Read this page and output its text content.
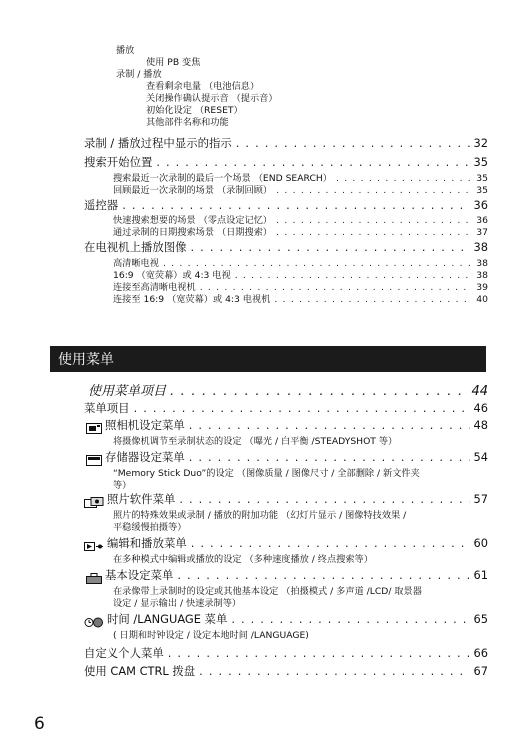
播放
使用 PB 变焦
录制 / 播放
查看剩余电量 （电池信息）
关闭操作确认提示音 （提示音）
初始化设定 （RESET）
其他部件名称和功能
录制 / 播放过程中显示的指示 . . .	32
搜索开始位置 . . .	35
搜索最近一次录制的最后一个场景 （END SEARCH） . . .	35
回顾最近一次录制的场景 （录制回顾） . . .	35
遥控器 . . .	36
快速搜索想要的场景 （零点设定记忆） . . .	36
通过录制的日期搜索场景 （日期搜索） . . .	37
在电视机上播放图像 . . .	38
高清晰电视 . . .	38
16:9 （宽荧幕）或 4:3 电视 . . .	38
连接至高清晰电视机 . . .	39
连接至 16:9 （宽荧幕）或 4:3 电视机 . . .	40
使用菜单
使用菜单项目 . . .	44
菜单项目 . . .	46
照相机设定菜单 . . .	48
将摄像机调节至录制状态的设定 （曝光 / 白平衡 /STEADYSHOT 等）
存储器设定菜单 . . .	54
“Memory Stick Duo”的设定 （图像质量 / 图像尺寸 / 全部删除 / 新文件夹
等）
照片软件菜单 . . .	57
照片的特殊效果或录制 / 播放的附加功能 （幻灯片显示 / 图像特技效果 /
平稳缓慢拍摄等）
编辑和播放菜单 . . .	60
在多种模式中编辑或播放的设定 （多种速度播放 / 终点搜索等）
基本设定菜单 . . .	61
在录像带上录制时的设定或其他基本设定 （拍摄模式 / 多声道 /LCD/ 取景器
设定 / 显示输出 / 快速录制等）
时间 /LANGUAGE 菜单 . . .	65
( 日期和时钟设定 / 设定本地时间 /LANGUAGE)
自定义个人菜单 . . .	66
使用 CAM CTRL 拨盘 . . .	67
6
